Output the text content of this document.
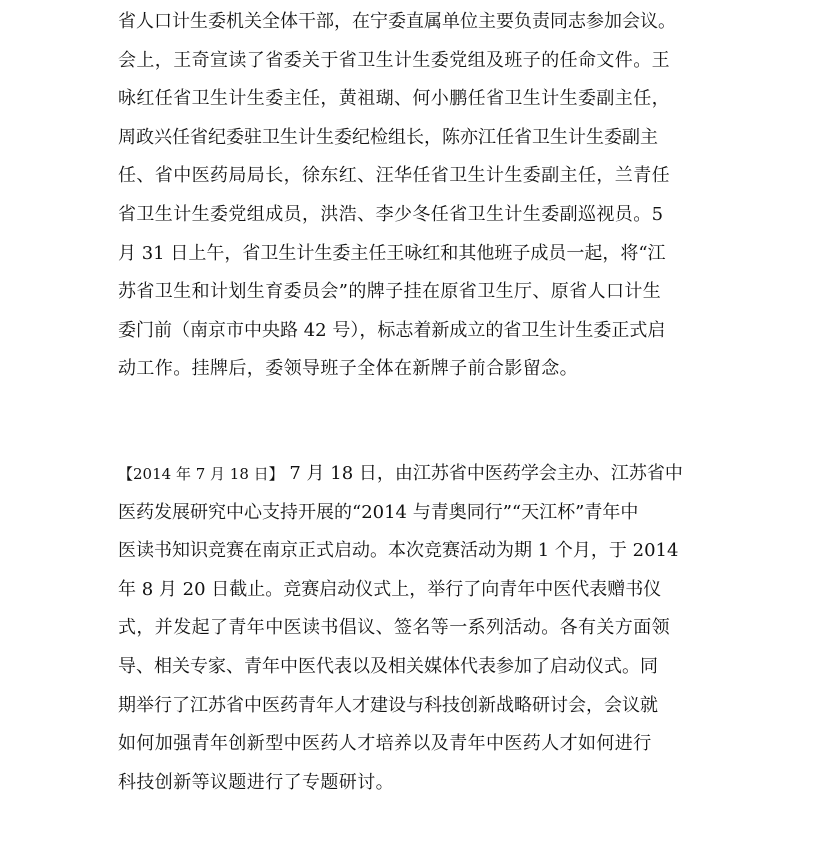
省人口计生委机关全体干部，在宁委直属单位主要负责同志参加会议。
会上，王奇宣读了省委关于省卫生计生委党组及班子的任命文件。王
咏红任省卫生计生委主任，黄祖瑚、何小鹏任省卫生计生委副主任，
周政兴任省纪委驻卫生计生委纪检组长，陈亦江任省卫生计生委副主
任、省中医药局局长，徐东红、汪华任省卫生计生委副主任，兰青任
省卫生计生委党组成员，洪浩、李少冬任省卫生计生委副巡视员。5
月 31 日上午，省卫生计生委主任王咏红和其他班子成员一起，将“江
苏省卫生和计划生育委员会”的牌子挂在原省卫生厅、原省人口计生
委门前（南京市中央路 42 号），标志着新成立的省卫生计生委正式启
动工作。挂牌后，委领导班子全体在新牌子前合影留念。
【2014 年 7 月 18 日】 7 月 18 日，由江苏省中医药学会主办、江苏省中
医药发展研究中心支持开展的“2014 与青奥同行”“天江杯”青年中
医读书知识竞赛在南京正式启动。本次竞赛活动为期 1 个月，于 2014
年 8 月 20 日截止。竞赛启动仪式上，举行了向青年中医代表赠书仪
式，并发起了青年中医读书倡议、签名等一系列活动。各有关方面领
导、相关专家、青年中医代表以及相关媒体代表参加了启动仪式。同
期举行了江苏省中医药青年人才建设与科技创新战略研讨会，会议就
如何加强青年创新型中医药人才培养以及青年中医药人才如何进行
科技创新等议题进行了专题研讨。
